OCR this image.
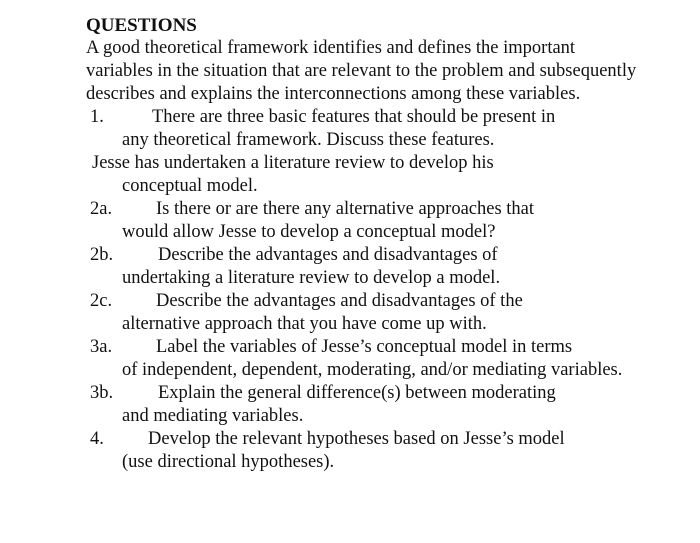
QUESTIONS

A good theoretical framework identifies and defines the important variables in the situation that are relevant to the problem and subsequently describes and explains the interconnections among these variables.

1.	There are three basic features that should be present in
any theoretical framework. Discuss these features.
Jesse has undertaken a literature review to develop his
conceptual model.
2a. Is there or are there any alternative approaches that
would allow Jesse to develop a conceptual model?
2b. Describe the advantages and disadvantages of
undertaking a literature review to develop a model.
2c. Describe the advantages and disadvantages of the
alternative approach that you have come up with.
3a. Label the variables of Jesse’s conceptual model in terms
of independent, dependent, moderating, and/or mediating variables.
3b. Explain the general difference(s) between moderating
and mediating variables.
4. Develop the relevant hypotheses based on Jesse’s model
(use directional hypotheses).
